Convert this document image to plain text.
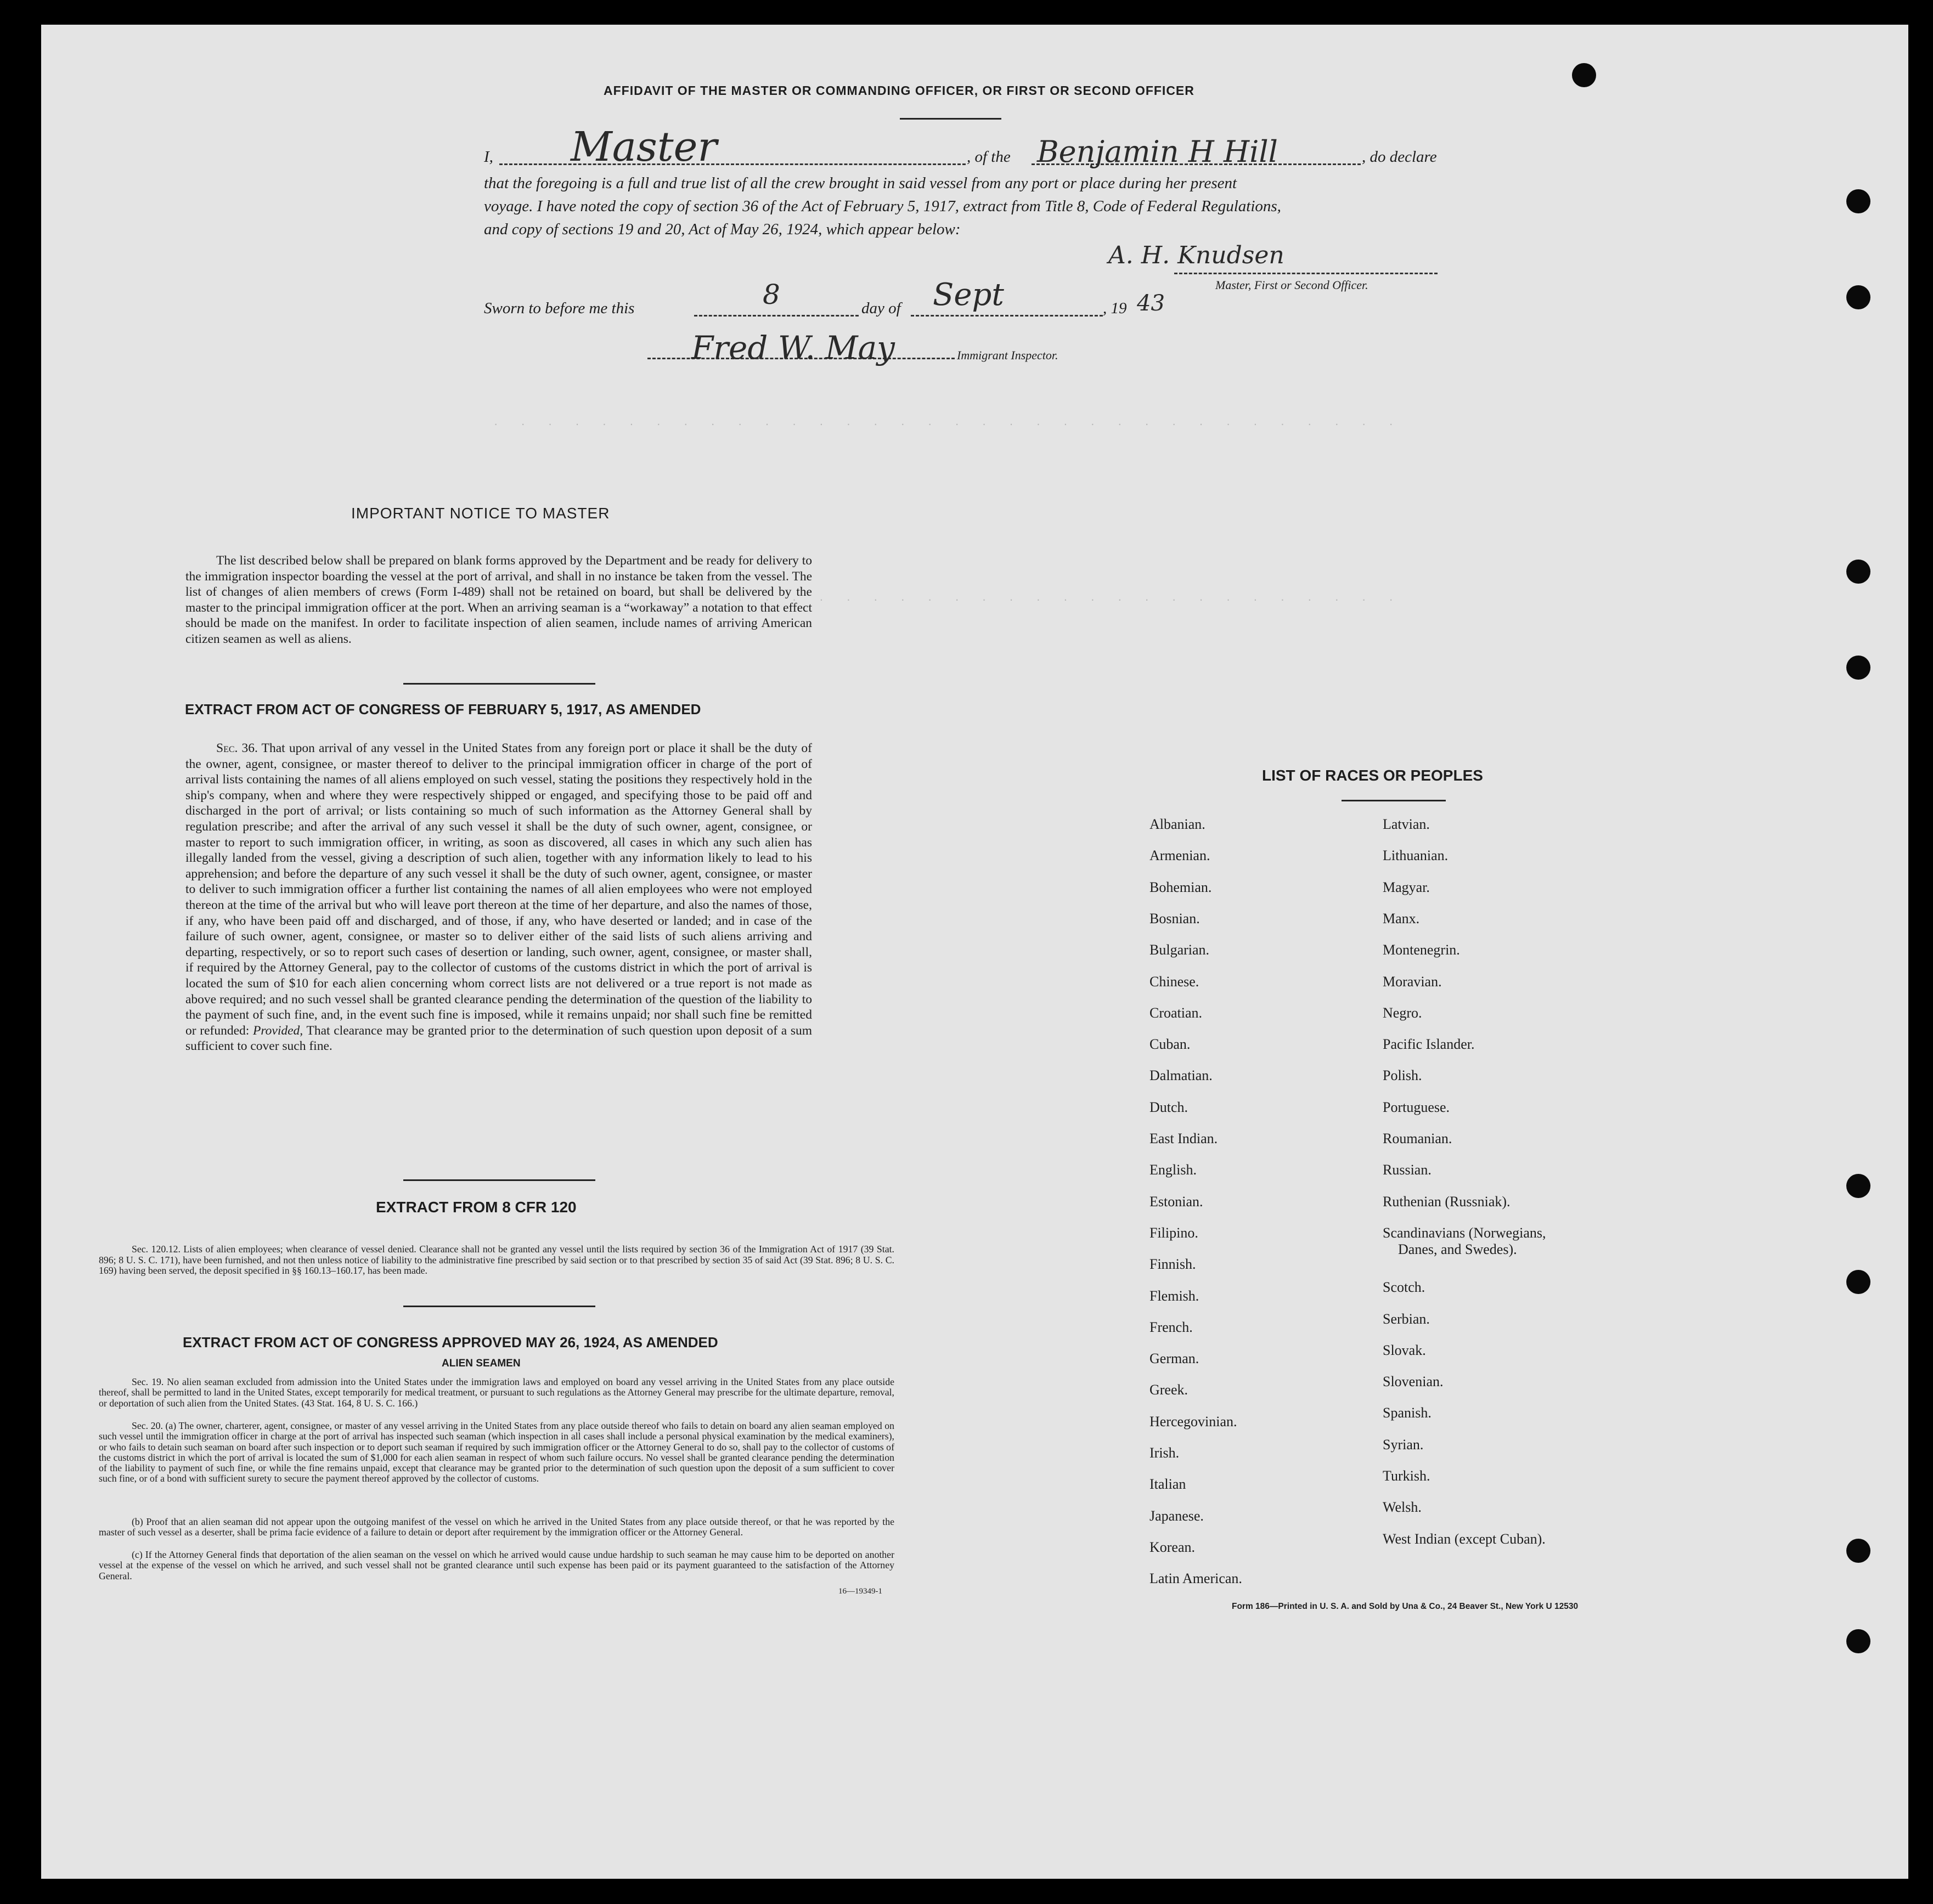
· · · · · · · · · · · · · · · · · · · · · · · · · · · · · · · · · ·
· · · · · · · · · · · · · · · · · · · · · · · · · · · · · · · · · ·
AFFIDAVIT OF THE MASTER OR COMMANDING OFFICER, OR FIRST OR SECOND OFFICER
I, Master	, of the Benjamin H Hill	, do declare
that the foregoing is a full and true list of all the crew brought in said vessel from any port or place during her present
voyage. I have noted the copy of section 36 of the Act of February 5, 1917, extract from Title 8, Code of Federal Regulations,
and copy of sections 19 and 20, Act of May 26, 1924, which appear below:
A. H. Knudsen
Master, First or Second Officer.
Sworn to before me this	8	day of Sept	, 19 43
Fred W. May	Immigrant Inspector.
IMPORTANT NOTICE TO MASTER
The list described below shall be prepared on blank forms approved by the Department and be ready for delivery to the immigration inspector boarding the vessel at the port of arrival, and shall in no instance be taken from the vessel. The list of changes of alien members of crews (Form I-489) shall not be retained on board, but shall be delivered by the master to the principal immigration officer at the port. When an arriving seaman is a “workaway” a notation to that effect should be made on the manifest. In order to facilitate inspection of alien seamen, include names of arriving American citizen seamen as well as aliens.
EXTRACT FROM ACT OF CONGRESS OF FEBRUARY 5, 1917, AS AMENDED
Sec. 36. That upon arrival of any vessel in the United States from any foreign port or place it shall be the duty of the owner, agent, consignee, or master thereof to deliver to the principal immigration officer in charge of the port of arrival lists containing the names of all aliens employed on such vessel, stating the positions they respectively hold in the ship's company, when and where they were respectively shipped or engaged, and specifying those to be paid off and discharged in the port of arrival; or lists containing so much of such information as the Attorney General shall by regulation prescribe; and after the arrival of any such vessel it shall be the duty of such owner, agent, consignee, or master to report to such immigration officer, in writing, as soon as discovered, all cases in which any such alien has illegally landed from the vessel, giving a description of such alien, together with any information likely to lead to his apprehension; and before the departure of any such vessel it shall be the duty of such owner, agent, consignee, or master to deliver to such immigration officer a further list containing the names of all alien employees who were not employed thereon at the time of the arrival but who will leave port thereon at the time of her departure, and also the names of those, if any, who have been paid off and discharged, and of those, if any, who have deserted or landed; and in case of the failure of such owner, agent, consignee, or master so to deliver either of the said lists of such aliens arriving and departing, respectively, or so to report such cases of desertion or landing, such owner, agent, consignee, or master shall, if required by the Attorney General, pay to the collector of customs of the customs district in which the port of arrival is located the sum of $10 for each alien concerning whom correct lists are not delivered or a true report is not made as above required; and no such vessel shall be granted clearance pending the determination of the question of the liability to the payment of such fine, and, in the event such fine is imposed, while it remains unpaid; nor shall such fine be remitted or refunded: Provided, That clearance may be granted prior to the determination of such question upon deposit of a sum sufficient to cover such fine.
EXTRACT FROM 8 CFR 120
Sec. 120.12. Lists of alien employees; when clearance of vessel denied. Clearance shall not be granted any vessel until the lists required by section 36 of the Immigration Act of 1917 (39 Stat. 896; 8 U. S. C. 171), have been furnished, and not then unless notice of liability to the administrative fine prescribed by said section or to that prescribed by section 35 of said Act (39 Stat. 896; 8 U. S. C. 169) having been served, the deposit specified in §§ 160.13–160.17, has been made.
EXTRACT FROM ACT OF CONGRESS APPROVED MAY 26, 1924, AS AMENDED
ALIEN SEAMEN
Sec. 19. No alien seaman excluded from admission into the United States under the immigration laws and employed on board any vessel arriving in the United States from any place outside thereof, shall be permitted to land in the United States, except temporarily for medical treatment, or pursuant to such regulations as the Attorney General may prescribe for the ultimate departure, removal, or deportation of such alien from the United States. (43 Stat. 164, 8 U. S. C. 166.)
Sec. 20. (a) The owner, charterer, agent, consignee, or master of any vessel arriving in the United States from any place outside thereof who fails to detain on board any alien seaman employed on such vessel until the immigration officer in charge at the port of arrival has inspected such seaman (which inspection in all cases shall include a personal physical examination by the medical examiners), or who fails to detain such seaman on board after such inspection or to deport such seaman if required by such immigration officer or the Attorney General to do so, shall pay to the collector of customs of the customs district in which the port of arrival is located the sum of $1,000 for each alien seaman in respect of whom such failure occurs. No vessel shall be granted clearance pending the determination of the liability to payment of such fine, or while the fine remains unpaid, except that clearance may be granted prior to the determination of such question upon the deposit of a sum sufficient to cover such fine, or of a bond with sufficient surety to secure the payment thereof approved by the collector of customs.
(b) Proof that an alien seaman did not appear upon the outgoing manifest of the vessel on which he arrived in the United States from any place outside thereof, or that he was reported by the master of such vessel as a deserter, shall be prima facie evidence of a failure to detain or deport after requirement by the immigration officer or the Attorney General.
(c) If the Attorney General finds that deportation of the alien seaman on the vessel on which he arrived would cause undue hardship to such seaman he may cause him to be deported on another vessel at the expense of the vessel on which he arrived, and such vessel shall not be granted clearance until such expense has been paid or its payment guaranteed to the satisfaction of the Attorney General.
16—19349-1
LIST OF RACES OR PEOPLES
Albanian.
Armenian.
Bohemian.
Bosnian.
Bulgarian.
Chinese.
Croatian.
Cuban.
Dalmatian.
Dutch.
East Indian.
English.
Estonian.
Filipino.
Finnish.
Flemish.
French.
German.
Greek.
Hercegovinian.
Irish.
Italian
Japanese.
Korean.
Latin American.
Latvian.
Lithuanian.
Magyar.
Manx.
Montenegrin.
Moravian.
Negro.
Pacific Islander.
Polish.
Portuguese.
Roumanian.
Russian.
Ruthenian (Russniak).
Scandinavians (Norwegians,
Danes, and Swedes).
Scotch.
Serbian.
Slovak.
Slovenian.
Spanish.
Syrian.
Turkish.
Welsh.
West Indian (except Cuban).
Form 186—Printed in U. S. A. and Sold by Una & Co., 24 Beaver St., New York U 12530
